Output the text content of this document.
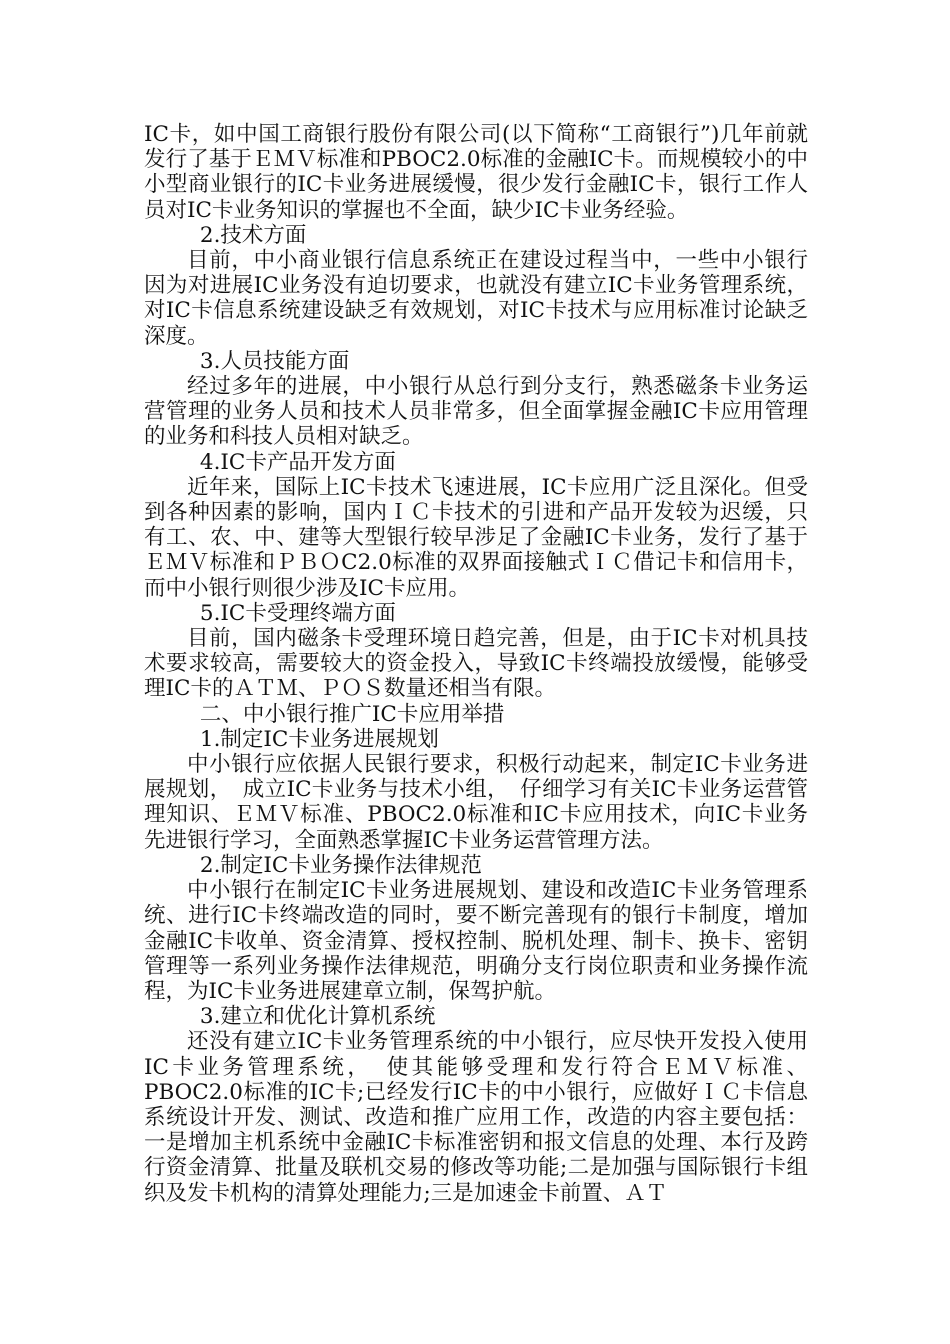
IC卡，如中国工商银行股份有限公司(以下简称“工商银行”)几年前就发行了基于ＥＭＶ标准和PBOC2.0标准的金融IC卡。而规模较小的中小型商业银行的IC卡业务进展缓慢，很少发行金融IC卡，银行工作人员对IC卡业务知识的掌握也不全面，缺少IC卡业务经验。

2.技术方面

目前，中小商业银行信息系统正在建设过程当中，一些中小银行因为对进展IC业务没有迫切要求，也就没有建立IC卡业务管理系统，对IC卡信息系统建设缺乏有效规划，对IC卡技术与应用标准讨论缺乏深度。

3.人员技能方面

经过多年的进展，中小银行从总行到分支行，熟悉磁条卡业务运营管理的业务人员和技术人员非常多，但全面掌握金融IC卡应用管理的业务和科技人员相对缺乏。

4.IC卡产品开发方面

近年来，国际上IC卡技术飞速进展，IC卡应用广泛且深化。但受到各种因素的影响，国内ＩＣ卡技术的引进和产品开发较为迟缓，只有工、农、中、建等大型银行较早涉足了金融IC卡业务，发行了基于ＥＭＶ标准和ＰＢＯC2.0标准的双界面接触式ＩＣ借记卡和信用卡，而中小银行则很少涉及IC卡应用。

5.IC卡受理终端方面

目前，国内磁条卡受理环境日趋完善，但是，由于IC卡对机具技术要求较高，需要较大的资金投入，导致IC卡终端投放缓慢，能够受理IC卡的ＡＴＭ、ＰＯＳ数量还相当有限。

二、中小银行推广IC卡应用举措

1.制定IC卡业务进展规划

中小银行应依据人民银行要求，积极行动起来，制定IC卡业务进展规划，　成立IC卡业务与技术小组，　仔细学习有关IC卡业务运营管理知识、ＥＭＶ标准、PBOC2.0标准和IC卡应用技术，向IC卡业务先进银行学习，全面熟悉掌握IC卡业务运营管理方法。

2.制定IC卡业务操作法律规范

中小银行在制定IC卡业务进展规划、建设和改造IC卡业务管理系统、进行IC卡终端改造的同时，要不断完善现有的银行卡制度，增加金融IC卡收单、资金清算、授权控制、脱机处理、制卡、换卡、密钥管理等一系列业务操作法律规范，明确分支行岗位职责和业务操作流程，为IC卡业务进展建章立制，保驾护航。

3.建立和优化计算机系统

还没有建立IC卡业务管理系统的中小银行，应尽快开发投入使用IC卡业务管理系统，　使其能够受理和发行符合ＥＭＶ标准、PBOC2.0标准的IC卡;已经发行IC卡的中小银行，应做好ＩＣ卡信息系统设计开发、测试、改造和推广应用工作，改造的内容主要包括：一是增加主机系统中金融IC卡标准密钥和报文信息的处理、本行及跨行资金清算、批量及联机交易的修改等功能;二是加强与国际银行卡组织及发卡机构的清算处理能力;三是加速金卡前置、ＡＴ
